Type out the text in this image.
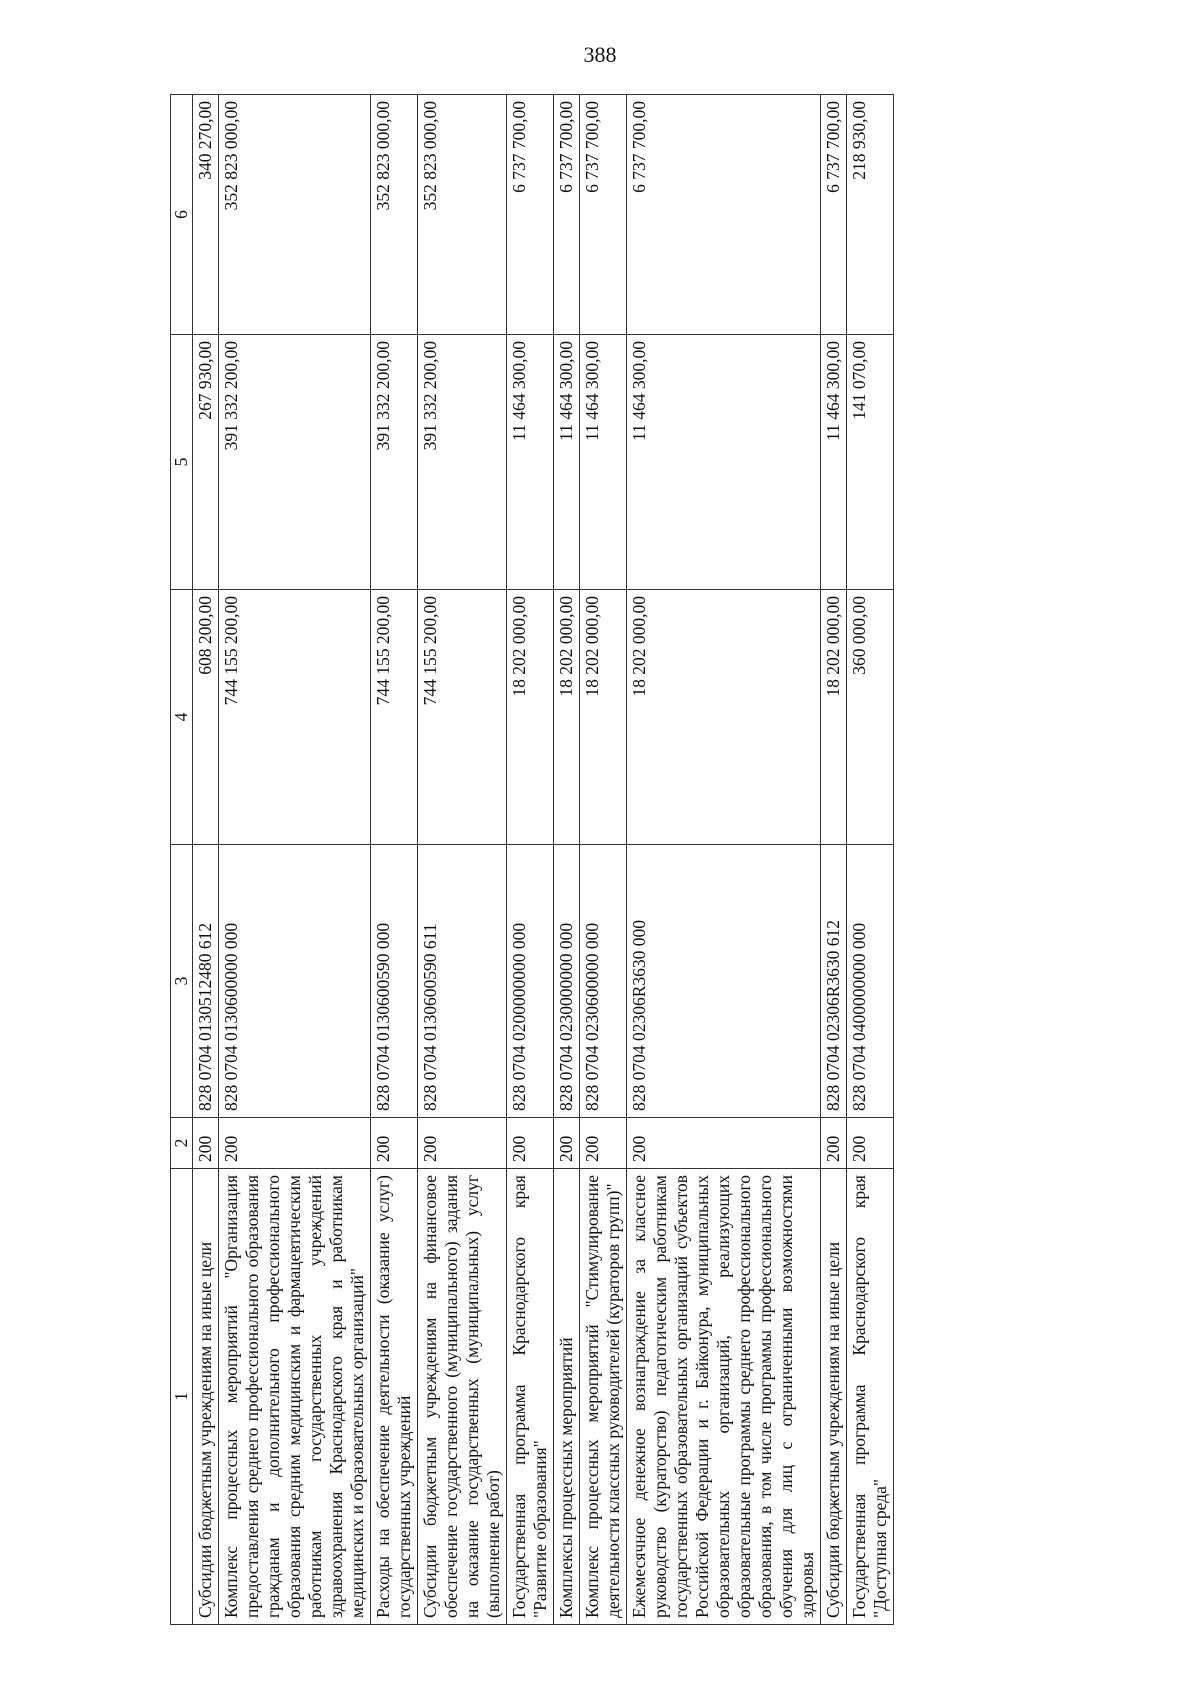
388
1	2	3	4	5	6
Субсидии бюджетным учреждениям на иные цели	200	828 0704 0130512480 612	608 200,00	267 930,00	340 270,00
Комплекс процессных мероприятий "Организация предоставления среднего профессионального образования гражданам и дополнительного профессионального образования средним медицинским и фармацевтическим работникам государственных учреждений здравоохранения Краснодарского края и работникам медицинских и образовательных организаций"	200	828 0704 0130600000 000	744 155 200,00	391 332 200,00	352 823 000,00
Расходы на обеспечение деятельности (оказание услуг) государственных учреждений	200	828 0704 0130600590 000	744 155 200,00	391 332 200,00	352 823 000,00
Субсидии бюджетным учреждениям на финансовое обеспечение государственного (муниципального) задания на оказание государственных (муниципальных) услуг (выполнение работ)	200	828 0704 0130600590 611	744 155 200,00	391 332 200,00	352 823 000,00
Государственная программа Краснодарского края "Развитие образования"	200	828 0704 0200000000 000	18 202 000,00	11 464 300,00	6 737 700,00
Комплексы процессных мероприятий	200	828 0704 0230000000 000	18 202 000,00	11 464 300,00	6 737 700,00
Комплекс процессных мероприятий "Стимулирование деятельности классных руководителей (кураторов групп)"	200	828 0704 0230600000 000	18 202 000,00	11 464 300,00	6 737 700,00
Ежемесячное денежное вознаграждение за классное руководство (кураторство) педагогическим работникам государственных образовательных организаций субъектов Российской Федерации и г. Байконура, муниципальных образовательных организаций, реализующих образовательные программы среднего профессионального образования, в том числе программы профессионального обучения для лиц с ограниченными возможностями здоровья	200	828 0704 02306R3630 000	18 202 000,00	11 464 300,00	6 737 700,00
Субсидии бюджетным учреждениям на иные цели	200	828 0704 02306R3630 612	18 202 000,00	11 464 300,00	6 737 700,00
Государственная программа Краснодарского края "Доступная среда"	200	828 0704 0400000000 000	360 000,00	141 070,00	218 930,00
